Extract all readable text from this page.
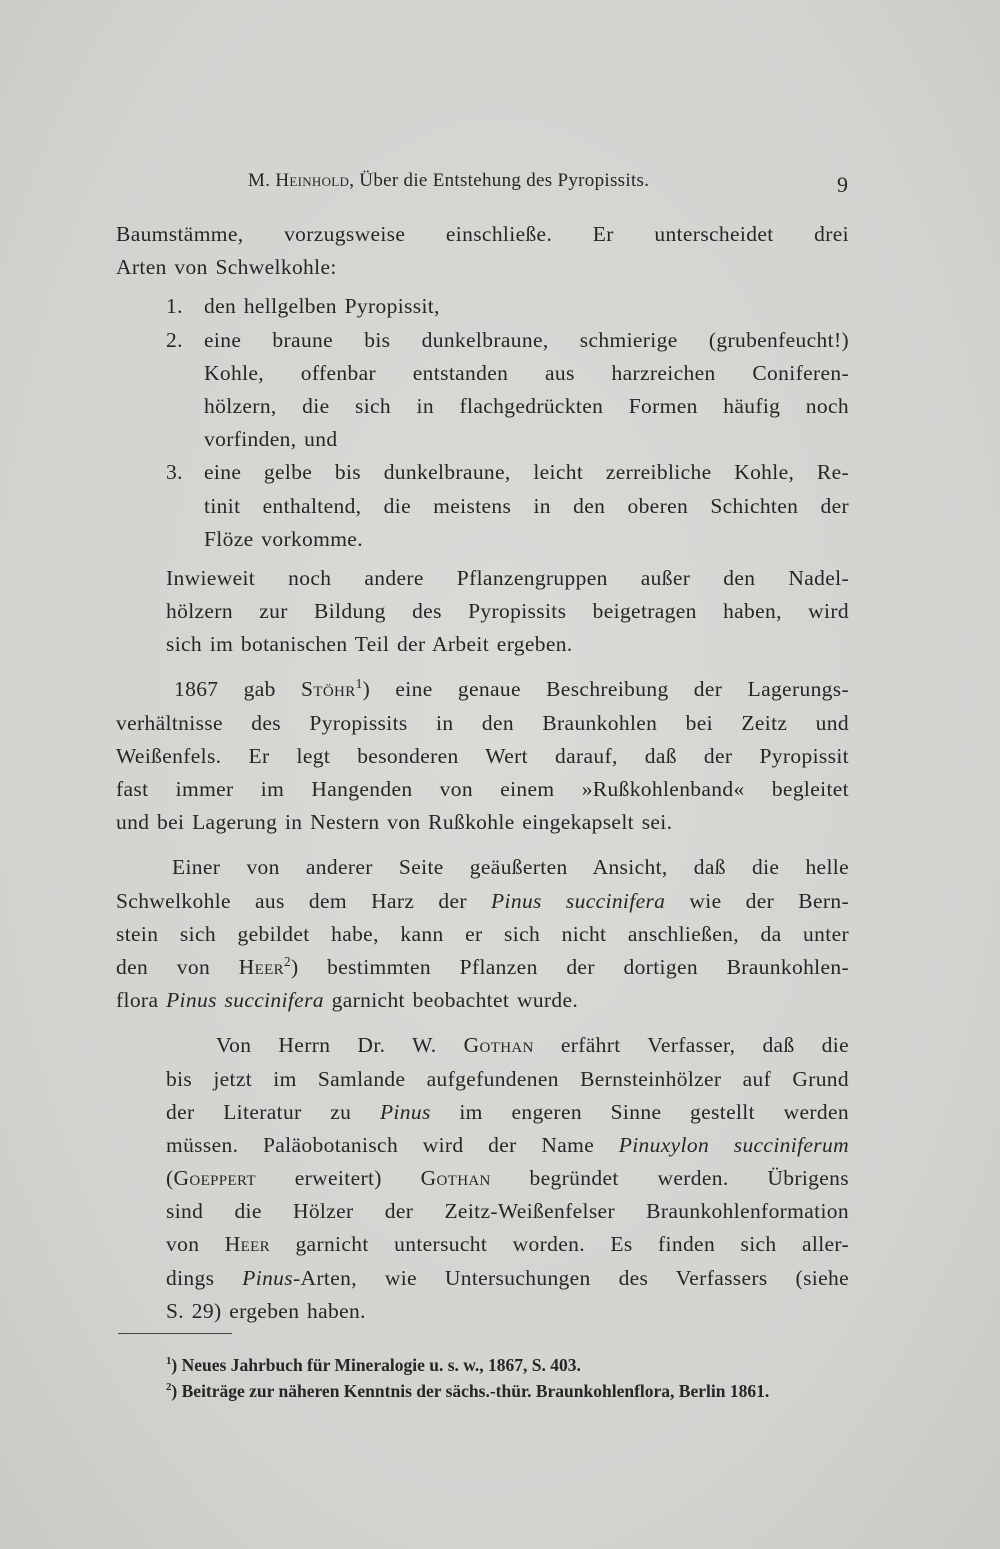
M. Heinhold, Über die Entstehung des Pyropissits.	9
Baumstämme, vorzugsweise einschließe. Er unterscheidet drei
Arten von Schwelkohle:
1. den hellgelben Pyropissit,
2. eine braune bis dunkelbraune, schmierige (grubenfeucht!)
Kohle, offenbar entstanden aus harzreichen Coniferen-
hölzern, die sich in flachgedrückten Formen häufig noch
vorfinden, und
3. eine gelbe bis dunkelbraune, leicht zerreibliche Kohle, Re-
tinit enthaltend, die meistens in den oberen Schichten der
Flöze vorkomme.
Inwieweit noch andere Pflanzengruppen außer den Nadel-
hölzern zur Bildung des Pyropissits beigetragen haben, wird
sich im botanischen Teil der Arbeit ergeben.
1867 gab Stöhr$^1$) eine genaue Beschreibung der Lagerungs-
verhältnisse des Pyropissits in den Braunkohlen bei Zeitz und
Weißenfels. Er legt besonderen Wert darauf, daß der Pyropissit
fast immer im Hangenden von einem »Rußkohlenband« begleitet
und bei Lagerung in Nestern von Rußkohle eingekapselt sei.
Einer von anderer Seite geäußerten Ansicht, daß die helle
Schwelkohle aus dem Harz der Pinus succinifera wie der Bern-
stein sich gebildet habe, kann er sich nicht anschließen, da unter
den von Heer$^2$) bestimmten Pflanzen der dortigen Braunkohlen-
flora Pinus succinifera garnicht beobachtet wurde.
Von Herrn Dr. W. Gothan erfährt Verfasser, daß die
bis jetzt im Samlande aufgefundenen Bernsteinhölzer auf Grund
der Literatur zu Pinus im engeren Sinne gestellt werden
müssen. Paläobotanisch wird der Name Pinuxylon succiniferum
(Goeppert erweitert) Gothan begründet werden. Übrigens
sind die Hölzer der Zeitz-Weißenfelser Braunkohlenformation
von Heer garnicht untersucht worden. Es finden sich aller-
dings Pinus-Arten, wie Untersuchungen des Verfassers (siehe
S. 29) ergeben haben.
$^1$) Neues Jahrbuch für Mineralogie u. s. w., 1867, S. 403.
$^2$) Beiträge zur näheren Kenntnis der sächs.-thür. Braunkohlenflora, Berlin 1861.
